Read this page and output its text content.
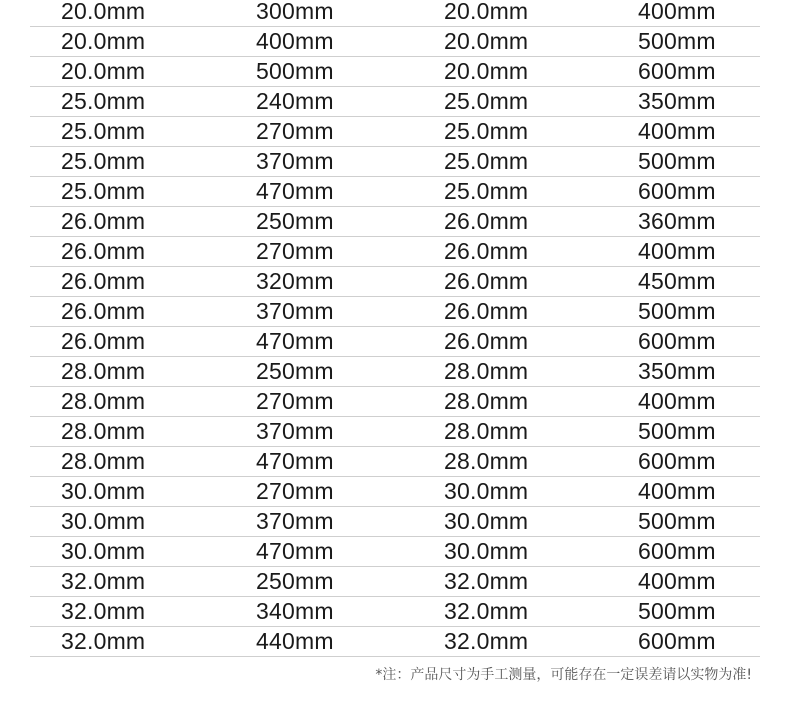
20.0mm	300mm	20.0mm	400mm
20.0mm	400mm	20.0mm	500mm
20.0mm	500mm	20.0mm	600mm
25.0mm	240mm	25.0mm	350mm
25.0mm	270mm	25.0mm	400mm
25.0mm	370mm	25.0mm	500mm
25.0mm	470mm	25.0mm	600mm
26.0mm	250mm	26.0mm	360mm
26.0mm	270mm	26.0mm	400mm
26.0mm	320mm	26.0mm	450mm
26.0mm	370mm	26.0mm	500mm
26.0mm	470mm	26.0mm	600mm
28.0mm	250mm	28.0mm	350mm
28.0mm	270mm	28.0mm	400mm
28.0mm	370mm	28.0mm	500mm
28.0mm	470mm	28.0mm	600mm
30.0mm	270mm	30.0mm	400mm
30.0mm	370mm	30.0mm	500mm
30.0mm	470mm	30.0mm	600mm
32.0mm	250mm	32.0mm	400mm
32.0mm	340mm	32.0mm	500mm
32.0mm	440mm	32.0mm	600mm
*注：产品尺寸为手工测量，可能存在一定误差请以实物为准!
